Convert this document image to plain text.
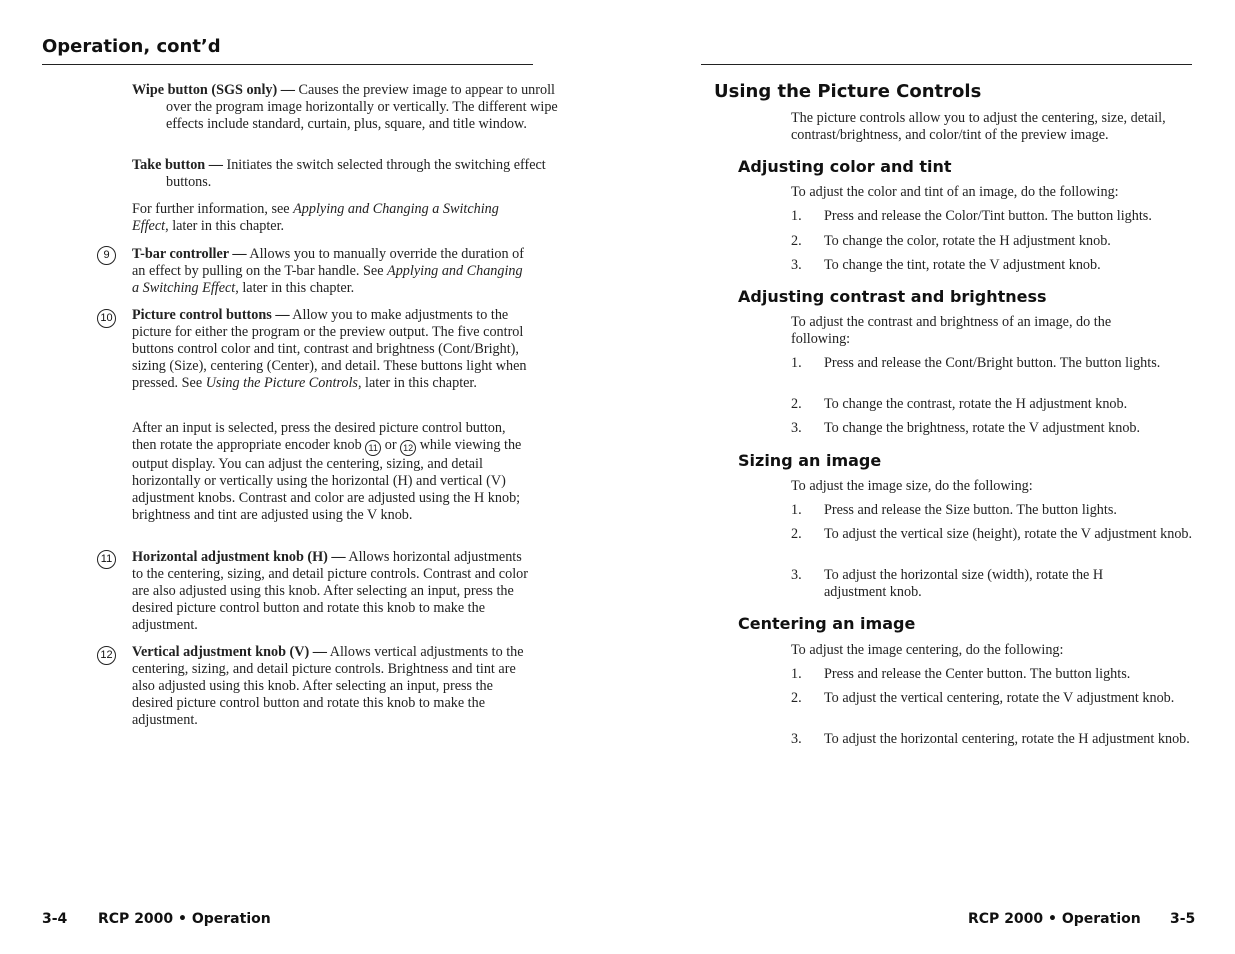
Operation, cont’d
Wipe button (SGS only) — Causes the preview image to appear to unroll over the program image horizontally or vertically. The different wipe effects include standard, curtain, plus, square, and title window.
Take button — Initiates the switch selected through the switching effect buttons.
For further information, see Applying and Changing a Switching Effect, later in this chapter.
9	T-bar controller — Allows you to manually override the duration of an effect by pulling on the T-bar handle. See Applying and Changing a Switching Effect, later in this chapter.
10 Picture control buttons — Allow you to make adjustments to the picture for either the program or the preview output. The five control buttons control color and tint, contrast and brightness (Cont/Bright), sizing (Size), centering (Center), and detail. These buttons light when pressed. See Using the Picture Controls, later in this chapter.
After an input is selected, press the desired picture control button, then rotate the appropriate encoder knob 11 or 12 while viewing the output display. You can adjust the centering, sizing, and detail horizontally or vertically using the horizontal (H) and vertical (V) adjustment knobs. Contrast and color are adjusted using the H knob; brightness and tint are adjusted using the V knob.
11 Horizontal adjustment knob (H) — Allows horizontal adjustments to the centering, sizing, and detail picture controls. Contrast and color are also adjusted using this knob. After selecting an input, press the desired picture control button and rotate this knob to make the adjustment.
12 Vertical adjustment knob (V) — Allows vertical adjustments to the centering, sizing, and detail picture controls. Brightness and tint are also adjusted using this knob. After selecting an input, press the desired picture control button and rotate this knob to make the adjustment.
3-4 RCP 2000 • Operation
Using the Picture Controls
The picture controls allow you to adjust the centering, size, detail, contrast/brightness, and color/tint of the preview image.
Adjusting color and tint
To adjust the color and tint of an image, do the following:
1. Press and release the Color/Tint button. The button lights.
2. To change the color, rotate the H adjustment knob.
3. To change the tint, rotate the V adjustment knob.
Adjusting contrast and brightness
To adjust the contrast and brightness of an image, do the following:
1. Press and release the Cont/Bright button. The button lights.
2. To change the contrast, rotate the H adjustment knob.
3. To change the brightness, rotate the V adjustment knob.
Sizing an image
To adjust the image size, do the following:
1. Press and release the Size button. The button lights.
2. To adjust the vertical size (height), rotate the V adjustment knob.
3. To adjust the horizontal size (width), rotate the H adjustment knob.
Centering an image
To adjust the image centering, do the following:
1. Press and release the Center button. The button lights.
2. To adjust the vertical centering, rotate the V adjustment knob.
3. To adjust the horizontal centering, rotate the H adjustment knob.
RCP 2000 • Operation 3-5
